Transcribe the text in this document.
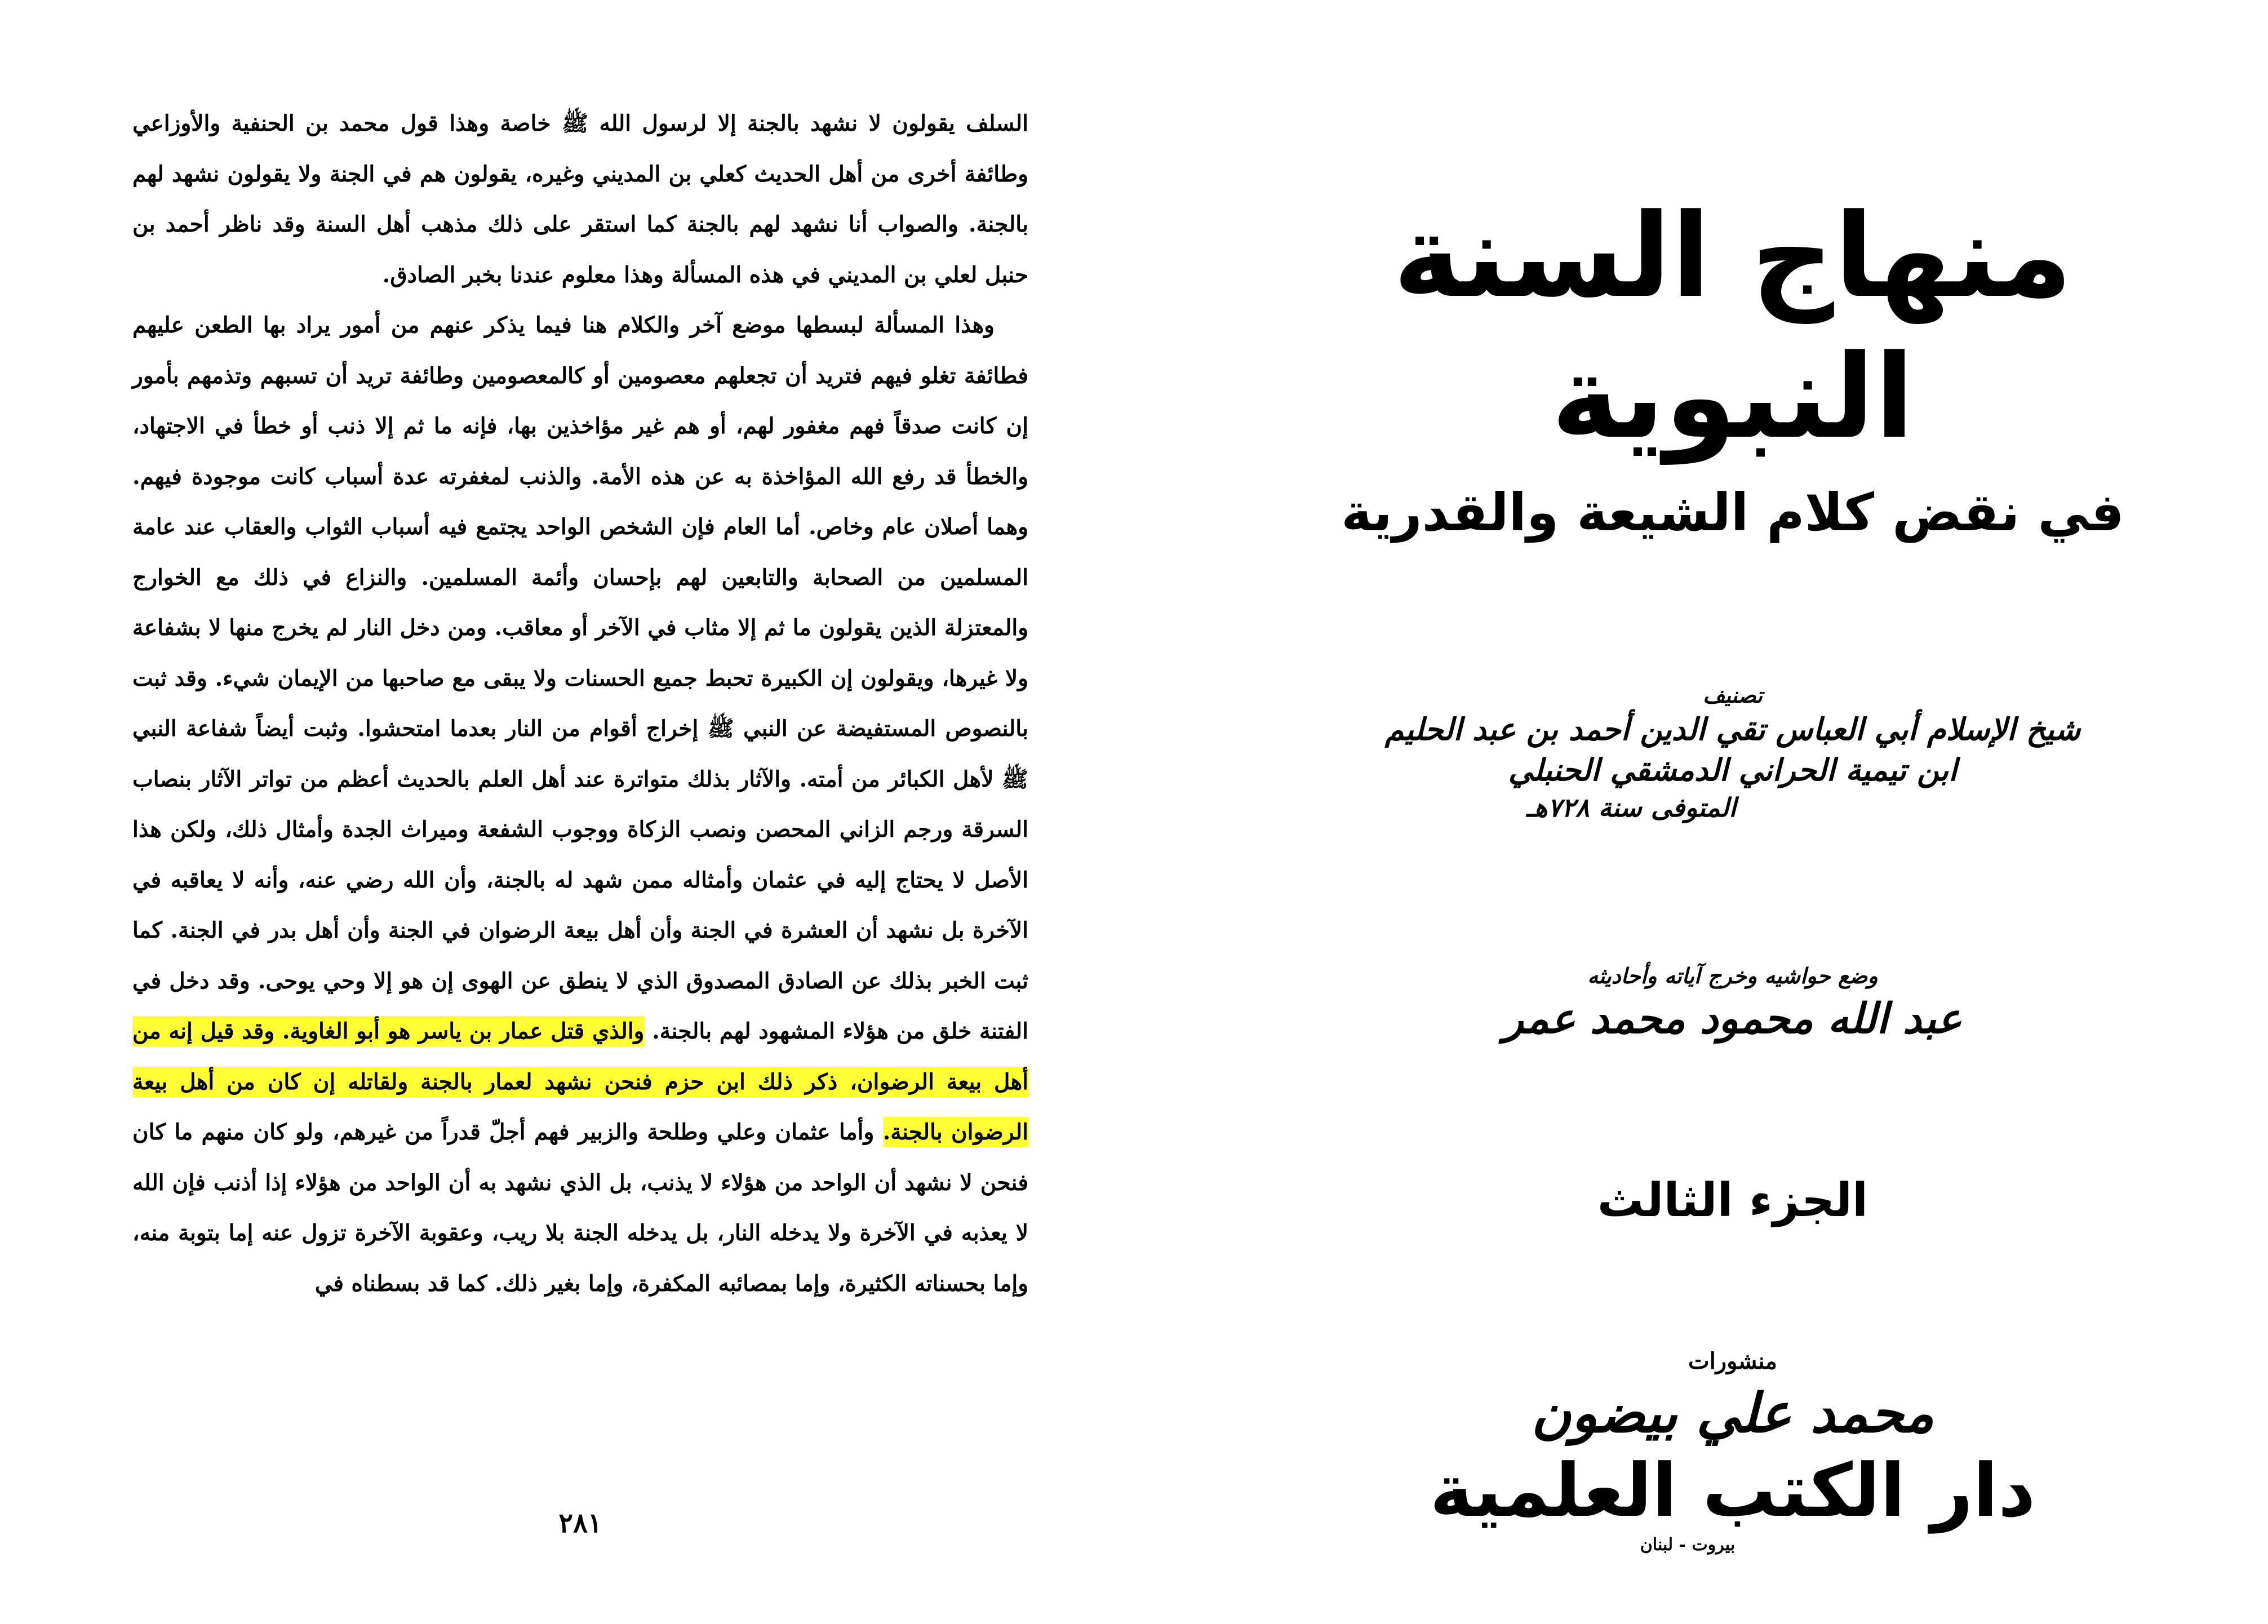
السلف يقولون لا نشهد بالجنة إلا لرسول الله ﷺ خاصة وهذا قول محمد بن الحنفية والأوزاعي وطائفة أخرى من أهل الحديث كعلي بن المديني وغيره، يقولون هم في الجنة ولا يقولون نشهد لهم بالجنة. والصواب أنا نشهد لهم بالجنة كما استقر على ذلك مذهب أهل السنة وقد ناظر أحمد بن حنبل لعلي بن المديني في هذه المسألة وهذا معلوم عندنا بخبر الصادق.

وهذا المسألة لبسطها موضع آخر والكلام هنا فيما يذكر عنهم من أمور يراد بها الطعن عليهم فطائفة تغلو فيهم فتريد أن تجعلهم معصومين أو كالمعصومين وطائفة تريد أن تسبهم وتذمهم بأمور إن كانت صدقاً فهم مغفور لهم، أو هم غير مؤاخذين بها، فإنه ما ثم إلا ذنب أو خطأ في الاجتهاد، والخطأ قد رفع الله المؤاخذة به عن هذه الأمة. والذنب لمغفرته عدة أسباب كانت موجودة فيهم. وهما أصلان عام وخاص. أما العام فإن الشخص الواحد يجتمع فيه أسباب الثواب والعقاب عند عامة المسلمين من الصحابة والتابعين لهم بإحسان وأئمة المسلمين. والنزاع في ذلك مع الخوارج والمعتزلة الذين يقولون ما ثم إلا مثاب في الآخر أو معاقب. ومن دخل النار لم يخرج منها لا بشفاعة ولا غيرها، ويقولون إن الكبيرة تحبط جميع الحسنات ولا يبقى مع صاحبها من الإيمان شيء. وقد ثبت بالنصوص المستفيضة عن النبي ﷺ إخراج أقوام من النار بعدما امتحشوا. وثبت أيضاً شفاعة النبي ﷺ لأهل الكبائر من أمته. والآثار بذلك متواترة عند أهل العلم بالحديث أعظم من تواتر الآثار بنصاب السرقة ورجم الزاني المحصن ونصب الزكاة ووجوب الشفعة وميراث الجدة وأمثال ذلك، ولكن هذا الأصل لا يحتاج إليه في عثمان وأمثاله ممن شهد له بالجنة، وأن الله رضي عنه، وأنه لا يعاقبه في الآخرة بل نشهد أن العشرة في الجنة وأن أهل بيعة الرضوان في الجنة وأن أهل بدر في الجنة. كما ثبت الخبر بذلك عن الصادق المصدوق الذي لا ينطق عن الهوى إن هو إلا وحي يوحى. وقد دخل في الفتنة خلق من هؤلاء المشهود لهم بالجنة. والذي قتل عمار بن ياسر هو أبو الغاوية. وقد قيل إنه من أهل بيعة الرضوان، ذكر ذلك ابن حزم فنحن نشهد لعمار بالجنة ولقاتله إن كان من أهل بيعة الرضوان بالجنة. وأما عثمان وعلي وطلحة والزبير فهم أجلّ قدراً من غيرهم، ولو كان منهم ما كان فنحن لا نشهد أن الواحد من هؤلاء لا يذنب، بل الذي نشهد به أن الواحد من هؤلاء إذا أذنب فإن الله لا يعذبه في الآخرة ولا يدخله النار، بل يدخله الجنة بلا ريب، وعقوبة الآخرة تزول عنه إما بتوبة منه، وإما بحسناته الكثيرة، وإما بمصائبه المكفرة، وإما بغير ذلك. كما قد بسطناه في

٢٨١
منهاج السنة النبوية
في نقض كلام الشيعة والقدرية
تصنيف
شيخ الإسلام أبي العباس تقي الدين أحمد بن عبد الحليم
ابن تيمية الحراني الدمشقي الحنبلي
المتوفى سنة ٧٢٨هـ
وضع حواشيه وخرج آياته وأحاديثه
عبد الله محمود محمد عمر
الجزء الثالث
منشورات
محمد علي بيضون
دار الكتب العلمية
بيروت - لبنان
